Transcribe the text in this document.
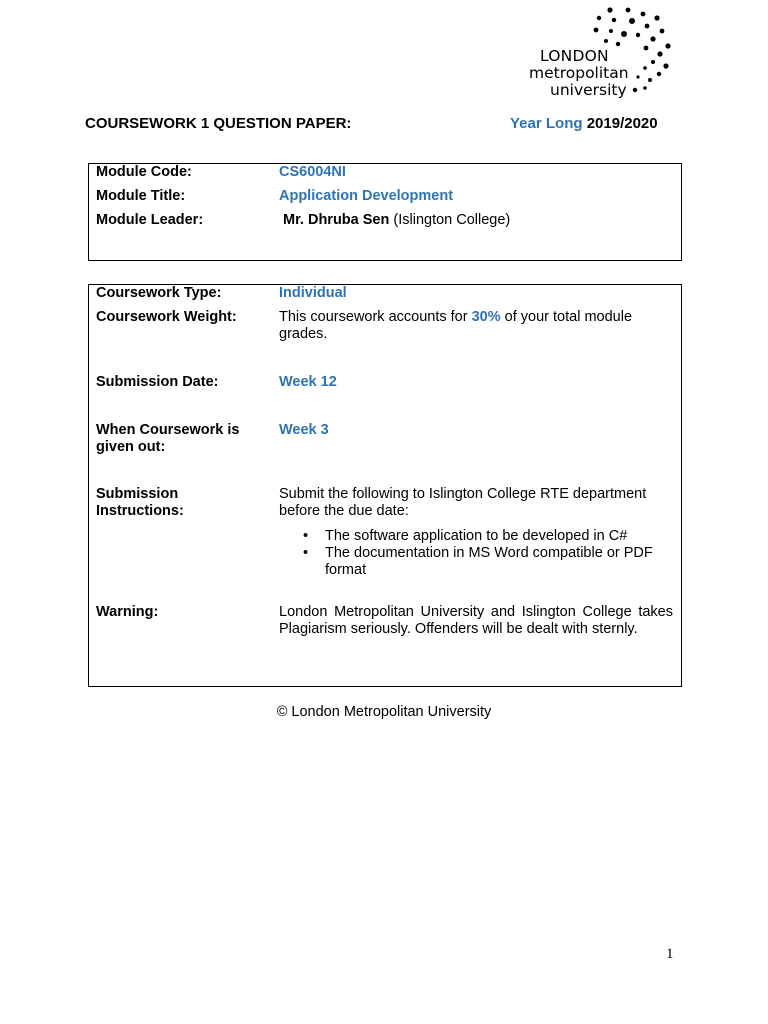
LONDON
metropolitan
university
COURSEWORK 1 QUESTION PAPER:	Year Long 2019/2020
Module Code:	CS6004NI
Module Title:	Application Development
Module Leader:	Mr. Dhruba Sen (Islington College)
Coursework Type:	Individual
Coursework Weight:	This coursework accounts for 30% of your total module grades.
Submission Date:	Week 12
When Coursework is given out:
Week 3
Submission Instructions:
Submit the following to Islington College RTE department before the due date:
• The software application to be developed in C#
• The documentation in MS Word compatible or PDF format
Warning:	London Metropolitan University and Islington College takes Plagiarism seriously. Offenders will be dealt with sternly.
© London Metropolitan University
1
